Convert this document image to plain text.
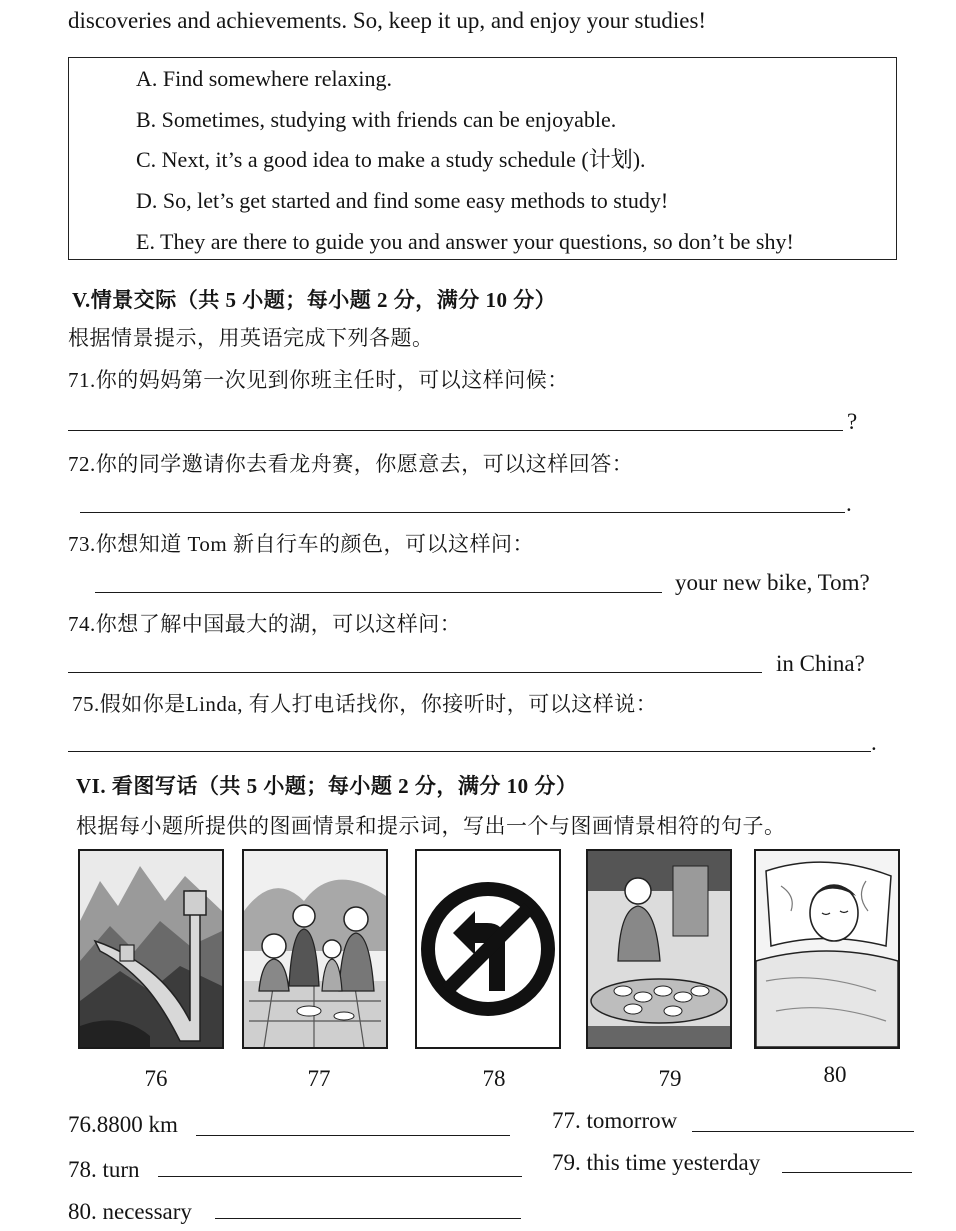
discoveries and achievements. So, keep it up, and enjoy your studies!
A. Find somewhere relaxing.
B. Sometimes, studying with friends can be enjoyable.
C. Next, it’s a good idea to make a study schedule (计划).
D. So, let’s get started and find some easy methods to study!
E. They are there to guide you and answer your questions, so don’t be shy!
V.情景交际（共 5 小题；每小题 2 分，满分 10 分）
根据情景提示，用英语完成下列各题。
71.你的妈妈第一次见到你班主任时，可以这样问候：
?
72.你的同学邀请你去看龙舟赛，你愿意去，可以这样回答：
.
73.你想知道 Tom 新自行车的颜色，可以这样问：
your new bike, Tom?
74.你想了解中国最大的湖，可以这样问：
in China?
75.假如你是Linda, 有人打电话找你，你接听时，可以这样说：
.
VI. 看图写话（共 5 小题；每小题 2 分，满分 10 分）
根据每小题所提供的图画情景和提示词，写出一个与图画情景相符的句子。
76	77	78	79	80
76.8800 km	77. tomorrow
78. turn	79. this time yesterday
80. necessary
